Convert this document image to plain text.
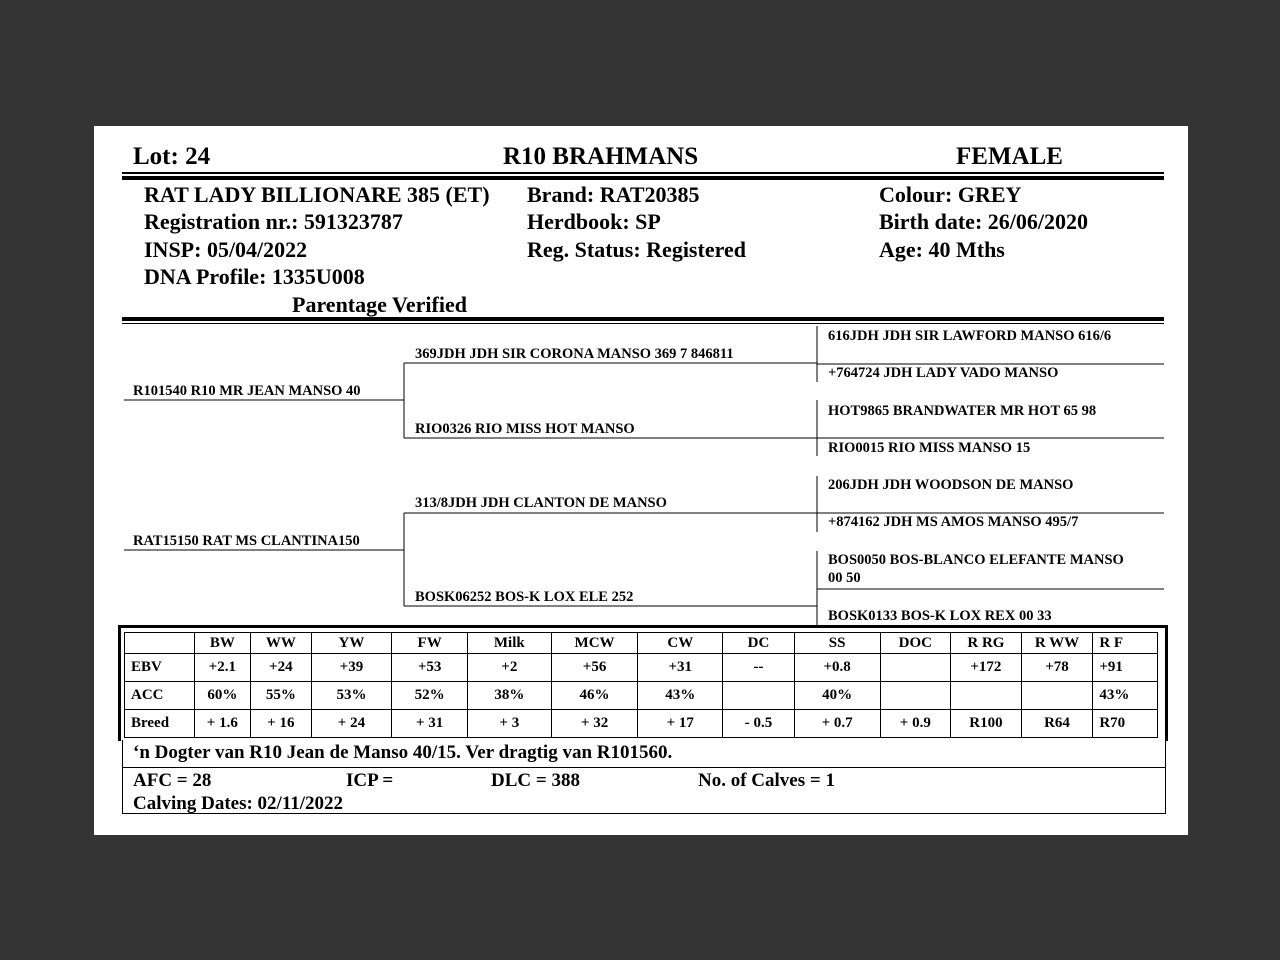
Lot: 24	R10 BRAHMANS	FEMALE
RAT LADY BILLIONARE 385 (ET) Brand: RAT20385	Colour: GREY
Registration nr.: 591323787	Herdbook: SP	Birth date: 26/06/2020
INSP: 05/04/2022	Reg. Status: Registered	Age: 40 Mths
DNA Profile: 1335U008
Parentage Verified
R101540 R10 MR JEAN MANSO 40
RAT15150 RAT MS CLANTINA150
369JDH JDH SIR CORONA MANSO 369 7 846811
RIO0326 RIO MISS HOT MANSO
313/8JDH JDH CLANTON DE MANSO
BOSK06252 BOS-K LOX ELE 252
616JDH JDH SIR LAWFORD MANSO 616/6
+764724 JDH LADY VADO MANSO
HOT9865 BRANDWATER MR HOT 65 98
RIO0015 RIO MISS MANSO 15
206JDH JDH WOODSON DE MANSO
+874162 JDH MS AMOS MANSO 495/7
BOS0050 BOS-BLANCO ELEFANTE MANSO
00 50
BOSK0133 BOS-K LOX REX 00 33
	BW	WW	YW	FW	Milk	MCW	CW	DC	SS	DOC	R RG	R WW	R F
EBV	+2.1	+24	+39	+53	+2	+56	+31	--	+0.8		+172	+78	+91
ACC	60%	55%	53%	52%	38%	46%	43%		40%				43%
Breed	+ 1.6	+ 16	+ 24	+ 31	+ 3	+ 32	+ 17	- 0.5	+ 0.7	+ 0.9	R100	R64	R70
‘n Dogter van R10 Jean de Manso 40/15. Ver dragtig van R101560.
AFC = 28	ICP =	DLC = 388	No. of Calves = 1
Calving Dates: 02/11/2022
